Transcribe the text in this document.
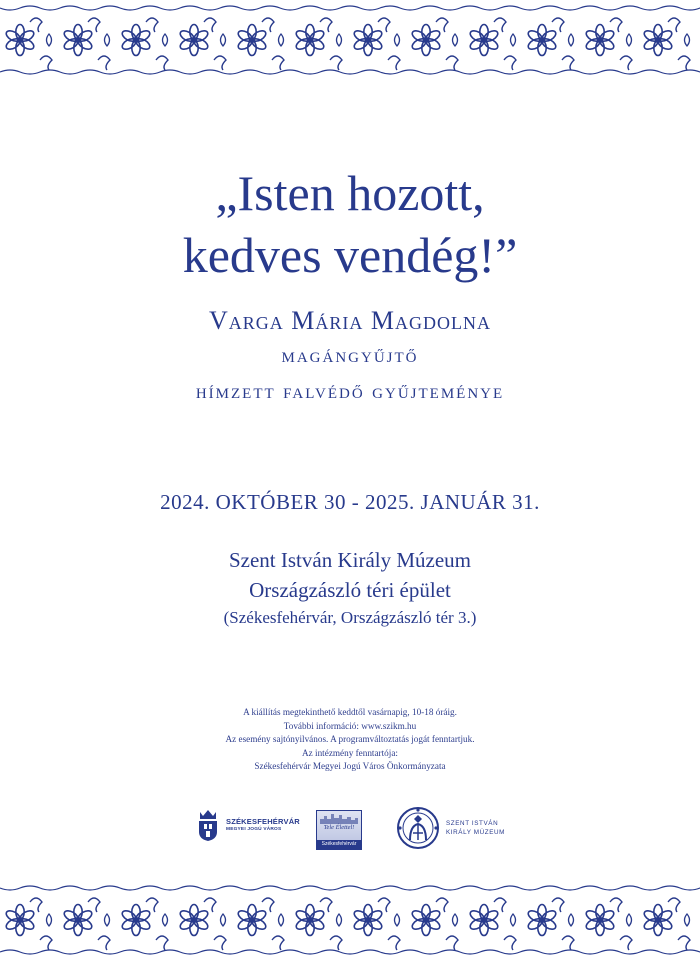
„Isten hozott,
kedves vendég!”
Varga Mária Magdolna
magángyűjtő
hímzett falvédő gyűjteménye
2024. OKTÓBER 30 - 2025. JANUÁR 31.
Szent István Király Múzeum
Országzászló téri épület
(Székesfehérvár, Országzászló tér 3.)
A kiállítás megtekinthető keddtől vasárnapig, 10-18 óráig.
További információ: www.szikm.hu
Az esemény sajtónyilvános. A programváltoztatás jogát fenntartjuk.
Az intézmény fenntartója:
Székesfehérvár Megyei Jogú Város Önkormányzata
SZÉKESFEHÉRVÁR
MEGYEI JOGÚ VÁROS	Tele Élettel!
Székesfehérvár
SZENT ISTVÁN
KIRÁLY MÚZEUM
